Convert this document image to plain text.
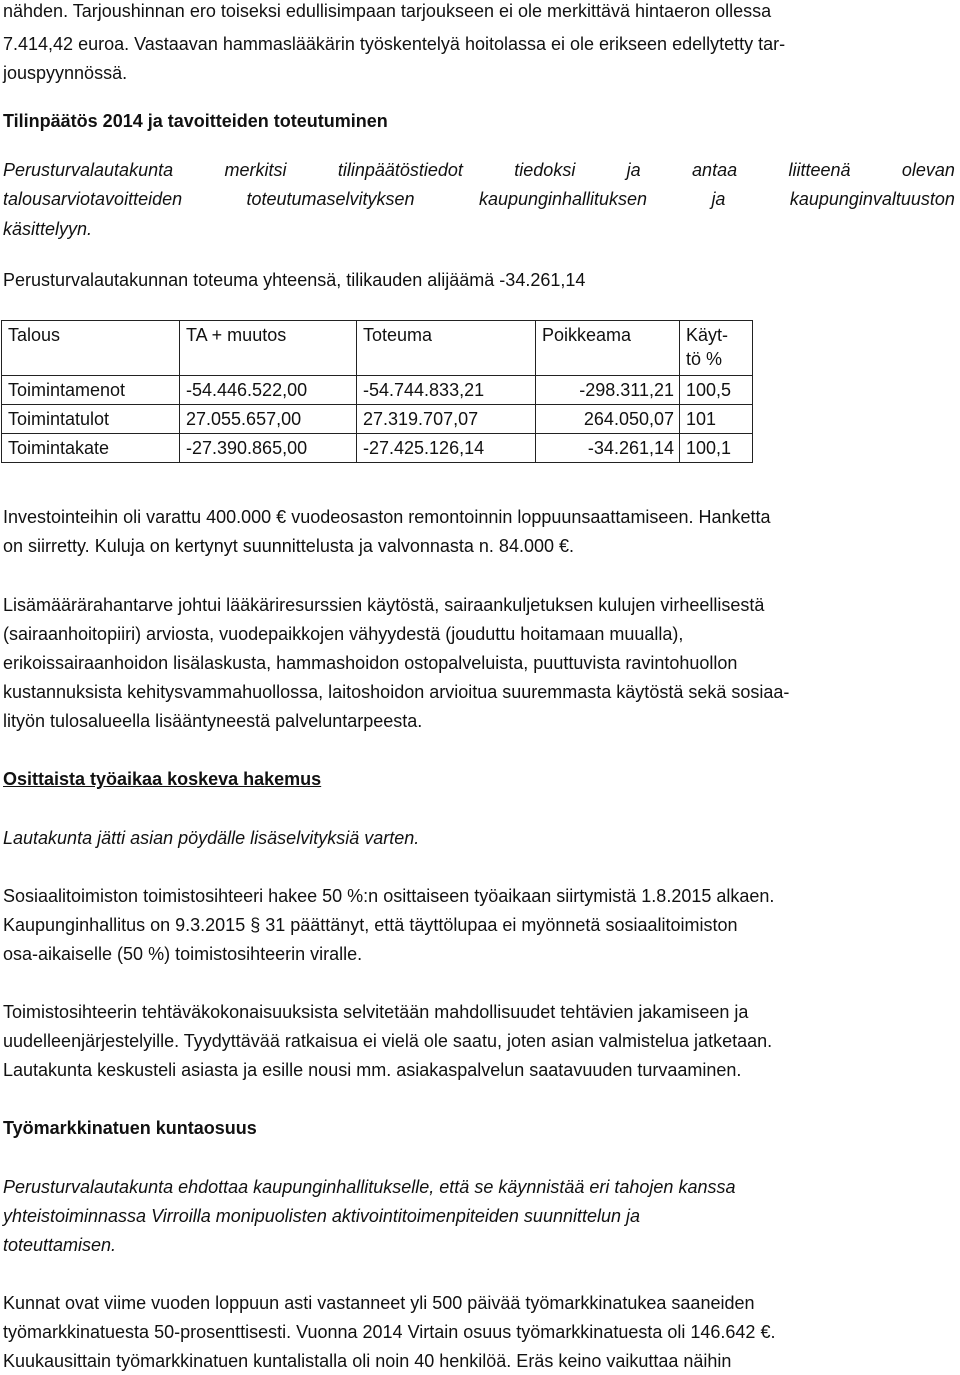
nähden. Tarjoushinnan ero toiseksi edullisimpaan tarjoukseen ei ole merkittävä hintaeron ollessa
7.414,42 euroa. Vastaavan hammaslääkärin työskentelyä hoitolassa ei ole erikseen edellytetty tar-
jouspyynnössä.
Tilinpäätös 2014 ja tavoitteiden toteutuminen
Perusturvalautakunta	merkitsi	tilinpäätöstiedot	tiedoksi	ja	antaa	liitteenä	olevan
talousarviotavoitteiden	toteutumaselvityksen	kaupunginhallituksen	ja	kaupunginvaltuuston
käsittelyyn.
Perusturvalautakunnan toteuma yhteensä, tilikauden alijäämä -34.261,14
Talous	TA + muutos	Toteuma	Poikkeama	Käyt-
tö %
Toimintamenot	-54.446.522,00	-54.744.833,21	-298.311,21	100,5
Toimintatulot	27.055.657,00	27.319.707,07	264.050,07	101
Toimintakate	-27.390.865,00	-27.425.126,14	-34.261,14	100,1
Investointeihin oli varattu 400.000 € vuodeosaston remontoinnin loppuunsaattamiseen. Hanketta
on siirretty. Kuluja on kertynyt suunnittelusta ja valvonnasta n. 84.000 €.
Lisämäärärahantarve johtui lääkäriresurssien käytöstä, sairaankuljetuksen kulujen virheellisestä
(sairaanhoitopiiri) arviosta, vuodepaikkojen vähyydestä (jouduttu hoitamaan muualla),
erikoissairaanhoidon lisälaskusta, hammashoidon ostopalveluista, puuttuvista ravintohuollon
kustannuksista kehitysvammahuollossa, laitoshoidon arvioitua suuremmasta käytöstä sekä sosiaa-
lityön tulosalueella lisääntyneestä palveluntarpeesta.
Osittaista työaikaa koskeva hakemus
Lautakunta jätti asian pöydälle lisäselvityksiä varten.
Sosiaalitoimiston toimistosihteeri hakee 50 %:n osittaiseen työaikaan siirtymistä 1.8.2015 alkaen.
Kaupunginhallitus on 9.3.2015 § 31 päättänyt, että täyttölupaa ei myönnetä sosiaalitoimiston
osa-aikaiselle (50 %) toimistosihteerin viralle.
Toimistosihteerin tehtäväkokonaisuuksista selvitetään mahdollisuudet tehtävien jakamiseen ja
uudelleenjärjestelyille. Tyydyttävää ratkaisua ei vielä ole saatu, joten asian valmistelua jatketaan.
Lautakunta keskusteli asiasta ja esille nousi mm. asiakaspalvelun saatavuuden turvaaminen.
Työmarkkinatuen kuntaosuus
Perusturvalautakunta ehdottaa kaupunginhallitukselle, että se käynnistää eri tahojen kanssa
yhteistoiminnassa Virroilla monipuolisten aktivointitoimenpiteiden suunnittelun ja
toteuttamisen.
Kunnat ovat viime vuoden loppuun asti vastanneet yli 500 päivää työmarkkinatukea saaneiden
työmarkkinatuesta 50-prosenttisesti. Vuonna 2014 Virtain osuus työmarkkinatuesta oli 146.642 €.
Kuukausittain työmarkkinatuen kuntalistalla oli noin 40 henkilöä. Eräs keino vaikuttaa näihin
